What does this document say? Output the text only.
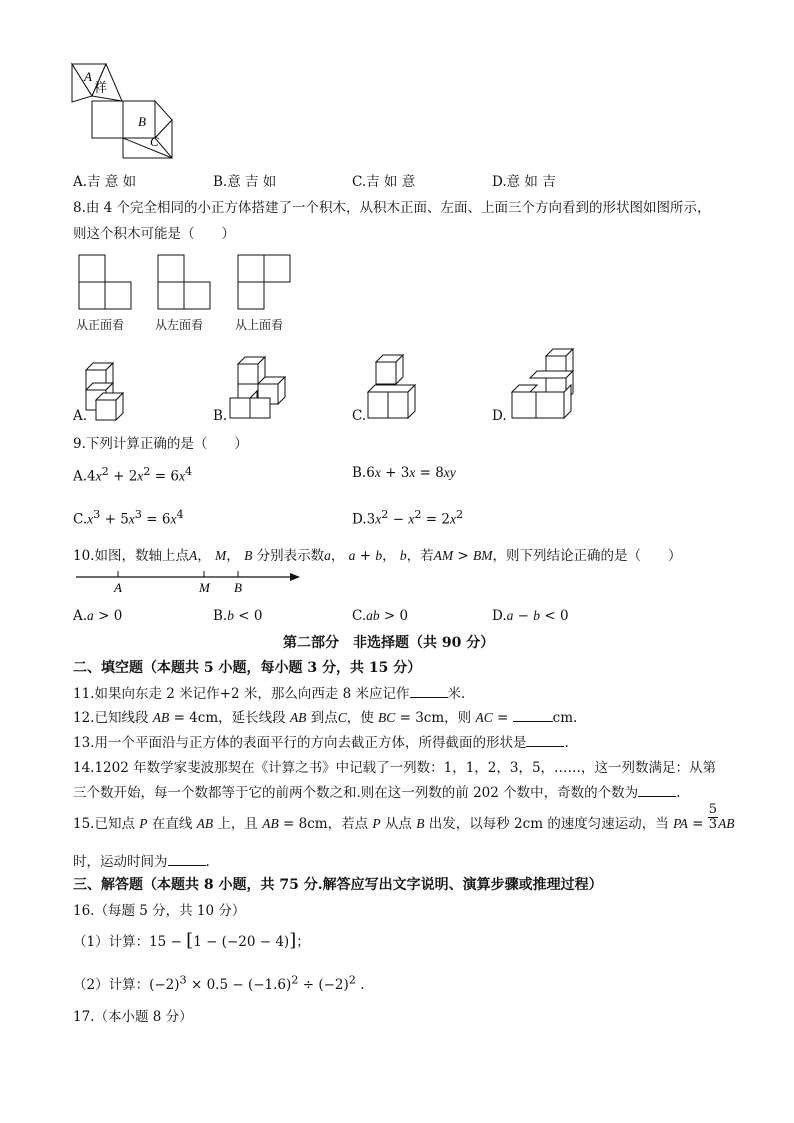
A
祥
B
C
A.吉 意 如	B.意 吉 如	C.吉 如 意	D.意 如 吉
8.由 4 个完全相同的小正方体搭建了一个积木，从积木正面、左面、上面三个方向看到的形状图如图所示，
则这个积木可能是（　　）
从正面看	从左面看	从上面看
A.	B.	C.	D.
9.下列计算正确的是（　　）
$A.4x^2 + 2x^2 = 6x^4$	B.6x + 3x = 8xy
$C.x^3 + 5x^3 = 6x^4$	$D.3x^2 - x^2 = 2x^2$
10.如图，数轴上点A， M， B 分别表示数a， a + b， b，若AM > BM，则下列结论正确的是（　　）
A	M B
A.a > 0	B.b < 0	C.ab > 0	D.a − b < 0
第二部分　非选择题（共 90 分）
二、填空题（本题共 5 小题，每小题 3 分，共 15 分）
11.如果向东走 2 米记作+2 米，那么向西走 8 米应记作	米.
12.已知线段 AB = 4cm，延长线段 AB 到点C，使 BC = 3cm，则 AC =	cm.
13.用一个平面沿与正方体的表面平行的方向去截正方体，所得截面的形状是	.
14.1202 年数学家斐波那契在《计算之书》中记载了一列数：1，1，2，3，5，……，这一列数满足：从第
三个数开始，每一个数都等于它的前两个数之和.则在这一列数的前 202 个数中，奇数的个数为	.
15.已知点 P 在直线 AB 上，且 AB = 8cm，若点 P 从点 B 出发，以每秒 2cm 的速度匀速运动，当 PA = $\frac{5}{3}$ AB
时，运动时间为	.
三、解答题（本题共 8 小题，共 75 分.解答应写出文字说明、演算步骤或推理过程）
16.（每题 5 分，共 10 分）
（1）计算：15 − [1 − (−20 − 4)]；
（2）计算：$(-2)^3 \times 0.5 - (-1.6)^2 \div (-2)^2$ .
17.（本小题 8 分）
